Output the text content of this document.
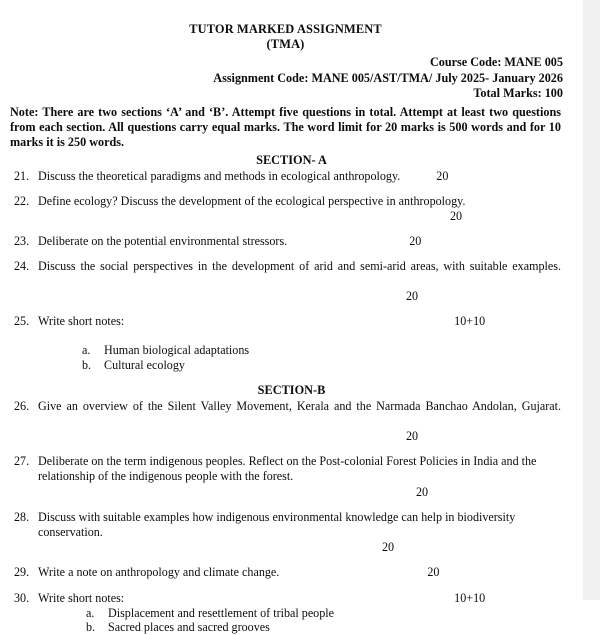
TUTOR MARKED ASSIGNMENT
(TMA)
Course Code: MANE 005
Assignment Code: MANE 005/AST/TMA/ July 2025- January 2026
Total Marks: 100
Note: There are two sections ‘A’ and ‘B’. Attempt five questions in total. Attempt at least two questions from each section. All questions carry equal marks. The word limit for 20 marks is 500 words and for 10 marks it is 250 words.
SECTION- A
21. Discuss the theoretical paradigms and methods in ecological anthropology.	20
22. Define ecology? Discuss the development of the ecological perspective in anthropology.
20
23. Deliberate on the potential environmental stressors.	20
24. Discuss the social perspectives in the development of arid and semi-arid areas, with suitable examples.
20
25. Write short notes:	10+10
a. Human biological adaptations
b. Cultural ecology
SECTION-B
26. Give an overview of the Silent Valley Movement, Kerala and the Narmada Banchao Andolan, Gujarat.
20
27. Deliberate on the term indigenous peoples. Reflect on the Post-colonial Forest Policies in India and the relationship of the indigenous people with the forest.
20
28. Discuss with suitable examples how indigenous environmental knowledge can help in biodiversity conservation.
20
29. Write a note on anthropology and climate change.	20
30. Write short notes:	10+10
a. Displacement and resettlement of tribal people
b. Sacred places and sacred grooves
